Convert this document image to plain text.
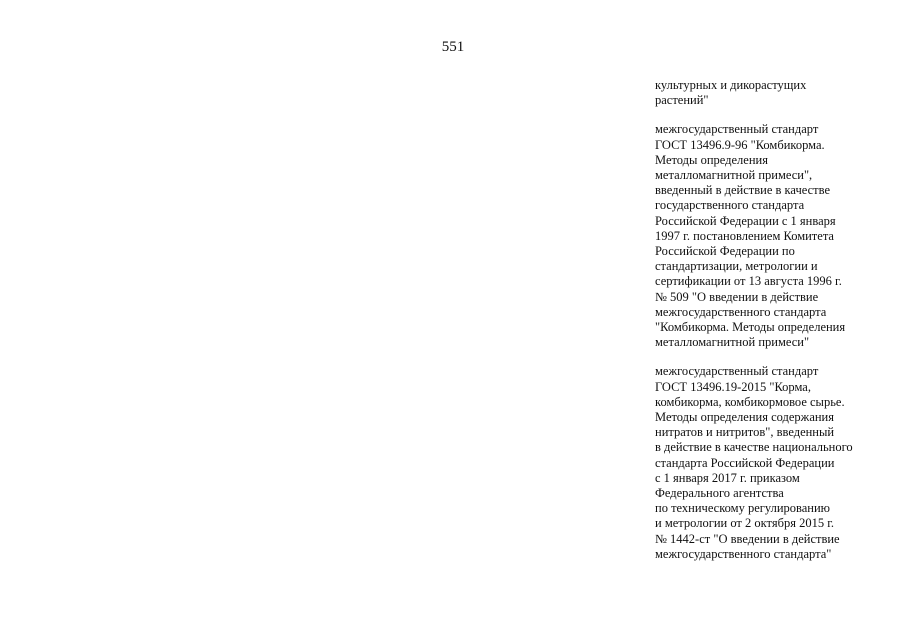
551
культурных и дикорастущих
растений"
межгосударственный стандарт
ГОСТ 13496.9-96 "Комбикорма.
Методы определения
металломагнитной примеси",
введенный в действие в качестве
государственного стандарта
Российской Федерации с 1 января
1997 г. постановлением Комитета
Российской Федерации по
стандартизации, метрологии и
сертификации от 13 августа 1996 г.
№ 509 "О введении в действие
межгосударственного стандарта
"Комбикорма. Методы определения
металломагнитной примеси"
межгосударственный стандарт
ГОСТ 13496.19-2015 "Корма,
комбикорма, комбикормовое сырье.
Методы определения содержания
нитратов и нитритов", введенный
в действие в качестве национального
стандарта Российской Федерации
с 1 января 2017 г. приказом
Федерального агентства
по техническому регулированию
и метрологии от 2 октября 2015 г.
№ 1442-ст "О введении в действие
межгосударственного стандарта"
